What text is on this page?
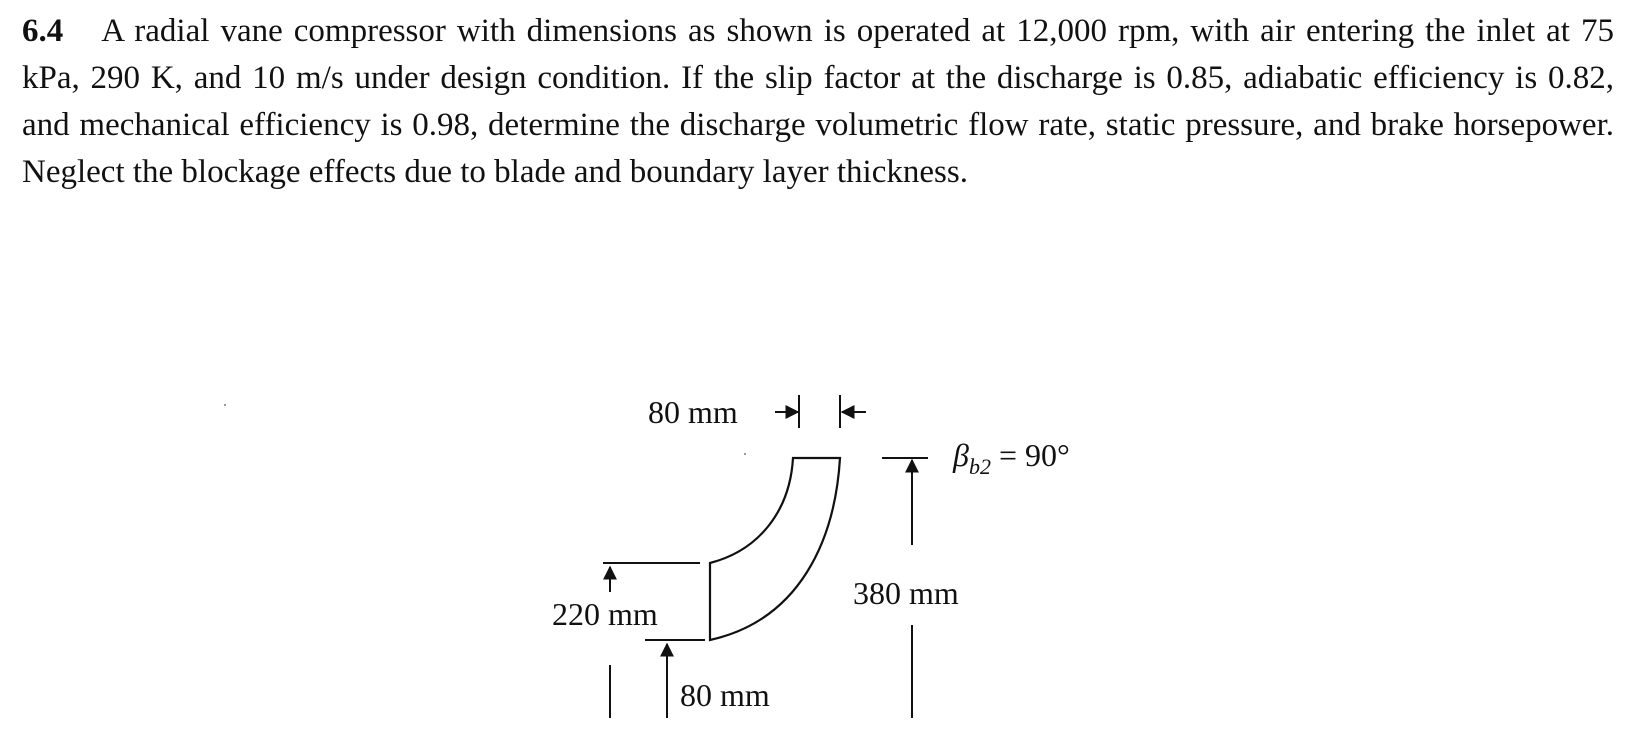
6.4 A radial vane compressor with dimensions as shown is operated at 12,000 rpm, with air entering the inlet at 75 kPa, 290 K, and 10 m/s under design condition. If the slip factor at the discharge is 0.85, adiabatic efficiency is 0.82, and mechanical efficiency is 0.98, determine the discharge volumetric flow rate, static pressure, and brake horsepower. Neglect the blockage effects due to blade and boundary layer thickness.

80 mm
380 mm
βb2 = 90°
220 mm
80 mm
